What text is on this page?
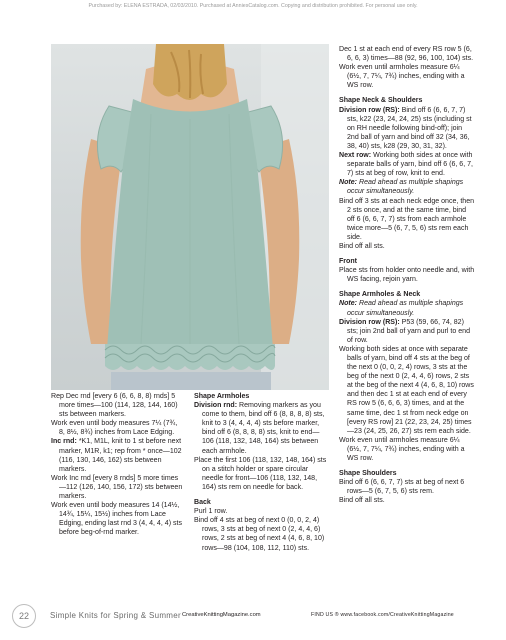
Purchased by: ELENA ESTRADA, 02/03/2010. Purchased at AnniesCatalog.com. Copying and distribution prohibited. For personal use only.

Rep Dec rnd [every 6 (6, 6, 8, 8) rnds] 5 more times—100 (114, 128, 144, 160) sts between markers.

Work even until body measures 7¼ (7¾, 8, 8½, 8¾) inches from Lace Edging.

Inc rnd: *K1, M1L, knit to 1 st before next marker, M1R, k1; rep from * once—102 (116, 130, 146, 162) sts between markers.

Work Inc rnd [every 8 rnds] 5 more times—112 (126, 140, 156, 172) sts between markers.

Work even until body measures 14 (14½, 14¾, 15¼, 15½) inches from Lace Edging, ending last rnd 3 (4, 4, 4, 4) sts before beg-of-rnd marker.

Shape Armholes

Division rnd: Removing markers as you come to them, bind off 6 (8, 8, 8, 8) sts, knit to 3 (4, 4, 4, 4) sts before marker, bind off 6 (8, 8, 8, 8) sts, knit to end—106 (118, 132, 148, 164) sts between each armhole.

Place the first 106 (118, 132, 148, 164) sts on a stitch holder or spare circular needle for front—106 (118, 132, 148, 164) sts rem on needle for back.

Back

Purl 1 row.

Bind off 4 sts at beg of next 0 (0, 0, 2, 4) rows, 3 sts at beg of next 0 (2, 4, 4, 6) rows, 2 sts at beg of next 4 (4, 6, 8, 10) rows—98 (104, 108, 112, 110) sts.

Dec 1 st at each end of every RS row 5 (6, 6, 6, 3) times—88 (92, 96, 100, 104) sts.

Work even until armholes measure 6¼ (6½, 7, 7¼, 7¾) inches, ending with a WS row.

Shape Neck & Shoulders

Division row (RS): Bind off 6 (6, 6, 7, 7) sts, k22 (23, 24, 24, 25) sts (including st on RH needle following bind-off); join 2nd ball of yarn and bind off 32 (34, 36, 38, 40) sts, k28 (29, 30, 31, 32).

Next row: Working both sides at once with separate balls of yarn, bind off 6 (6, 6, 7, 7) sts at beg of row, knit to end.

Note: Read ahead as multiple shapings occur simultaneously.

Bind off 3 sts at each neck edge once, then 2 sts once, and at the same time, bind off 6 (6, 6, 7, 7) sts from each armhole twice more—5 (6, 7, 5, 6) sts rem each side.

Bind off all sts.

Front

Place sts from holder onto needle and, with WS facing, rejoin yarn.

Shape Armholes & Neck

Note: Read ahead as multiple shapings occur simultaneously.

Division row (RS): P53 (59, 66, 74, 82) sts; join 2nd ball of yarn and purl to end of row.

Working both sides at once with separate balls of yarn, bind off 4 sts at the beg of the next 0 (0, 0, 2, 4) rows, 3 sts at the beg of the next 0 (2, 4, 4, 6) rows, 2 sts at the beg of the next 4 (4, 6, 8, 10) rows and then dec 1 st at each end of every RS row 5 (6, 6, 6, 3) times, and at the same time, dec 1 st from neck edge on [every RS row] 21 (22, 23, 24, 25) times—23 (24, 25, 26, 27) sts rem each side.

Work even until armholes measure 6¼ (6½, 7, 7¼, 7¾) inches, ending with a WS row.

Shape Shoulders

Bind off 6 (6, 6, 7, 7) sts at beg of next 6 rows—5 (6, 7, 5, 6) sts rem.

Bind off all sts.

22	Simple Knits for Spring & Summer CreativeKnittingMagazine.com	FIND US ® www.facebook.com/CreativeKnittingMagazine
